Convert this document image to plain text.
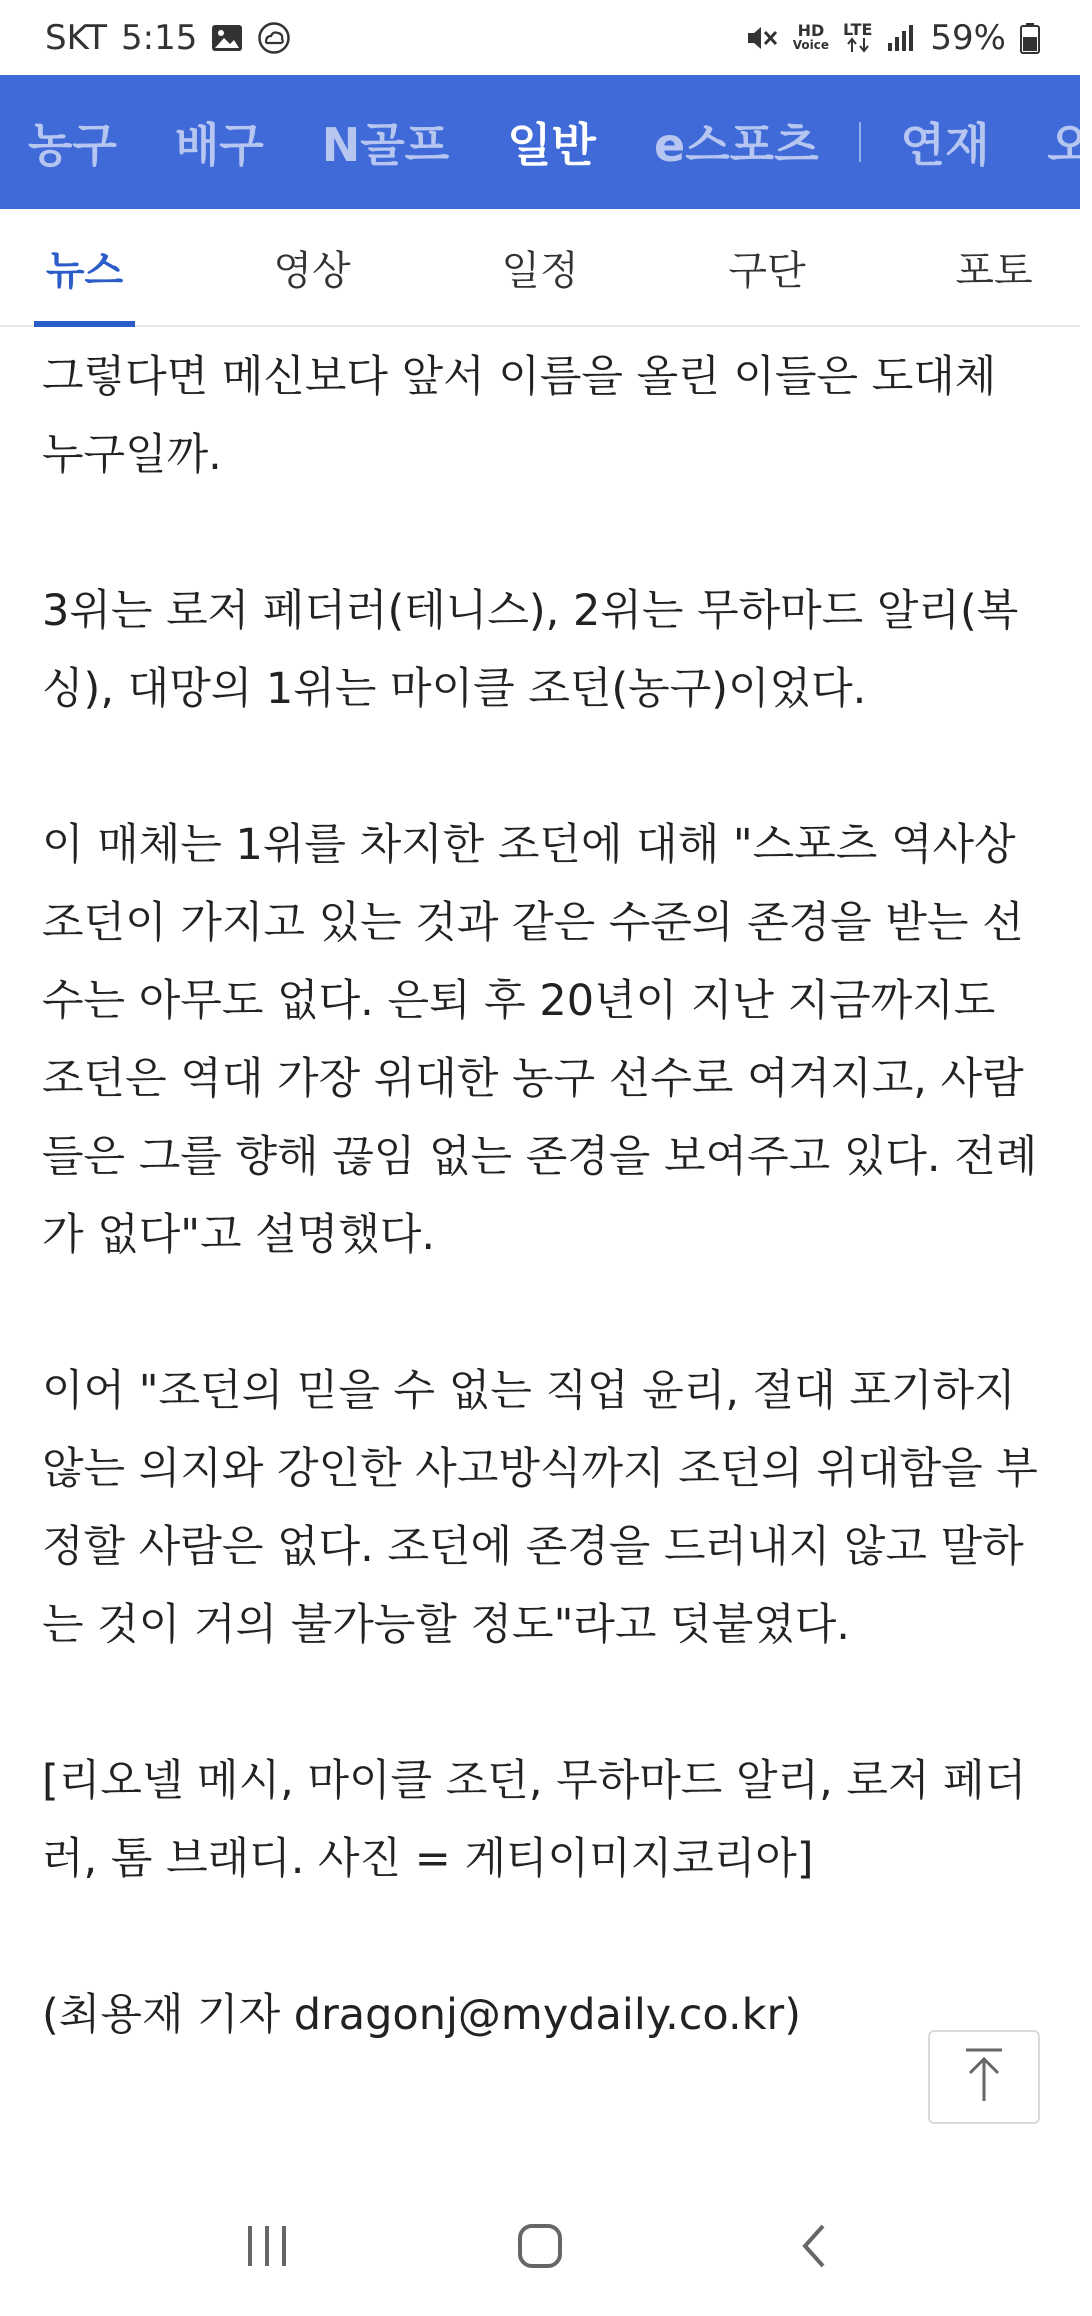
SKT 5:15	HD
Voice
LTE 59%
농구 배구 N골프 일반 e스포츠 연재 오
뉴스	영상	일정	구단	포토

그렇다면 메신보다 앞서 이름을 올린 이들은 도대체 누구일까.

3위는 로저 페더러(테니스), 2위는 무하마드 알리(복싱), 대망의 1위는 마이클 조던(농구)이었다.

이 매체는 1위를 차지한 조던에 대해 "스포츠 역사상 조던이 가지고 있는 것과 같은 수준의 존경을 받는 선수는 아무도 없다. 은퇴 후 20년이 지난 지금까지도 조던은 역대 가장 위대한 농구 선수로 여겨지고, 사람들은 그를 향해 끊임 없는 존경을 보여주고 있다. 전례가 없다"고 설명했다.

이어 "조던의 믿을 수 없는 직업 윤리, 절대 포기하지 않는 의지와 강인한 사고방식까지 조던의 위대함을 부정할 사람은 없다. 조던에 존경을 드러내지 않고 말하는 것이 거의 불가능할 정도"라고 덧붙였다.

[리오넬 메시, 마이클 조던, 무하마드 알리, 로저 페더러, 톰 브래디. 사진 = 게티이미지코리아]

(최용재 기자 dragonj@mydaily.co.kr)
